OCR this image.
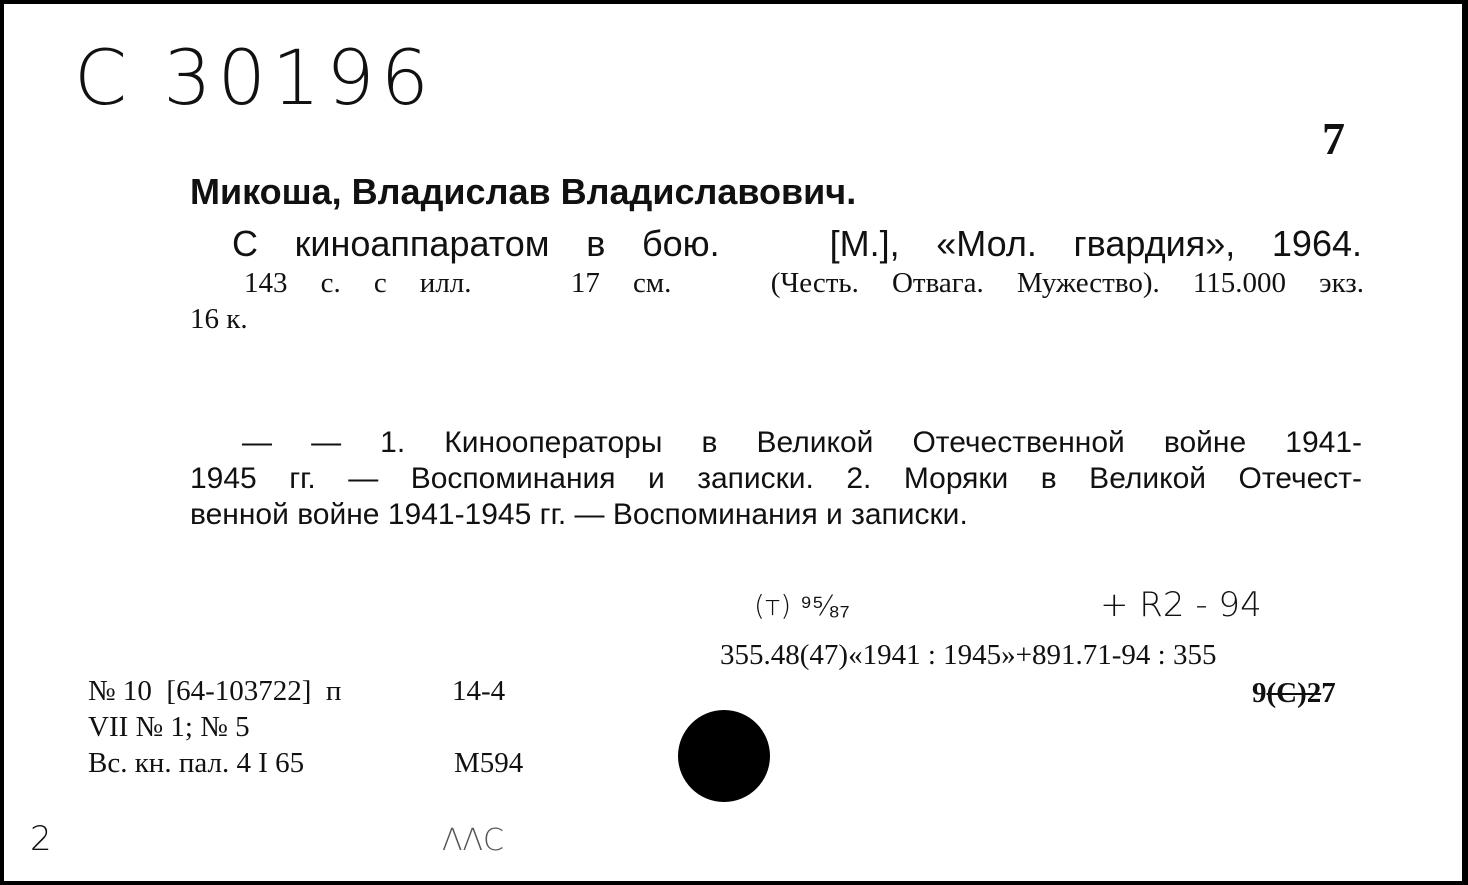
C 30196
7
Микоша, Владислав Владиславович.
С киноаппаратом в бою.   [М.], «Мол. гвардия», 1964.
143 с. с илл.   17 см.   (Честь. Отвага. Мужество). 115.000 экз.
16 к.
— — 1. Кинооператоры в Великой Отечественной войне 1941-
1945 гг. — Воспоминания и записки. 2. Моряки в Великой Отечест-
венной войне 1941-1945 гг. — Воспоминания и записки.
(т) ⁹⁵⁄₈₇	+ R2 - 94
355.48(47)«1941 : 1945»+891.71-94 : 355
9(С)27
№ 10  [64-103722]  п	14-4
VII № 1; № 5
Вс. кн. пал. 4 I 65	М594
2	ΛΛC
